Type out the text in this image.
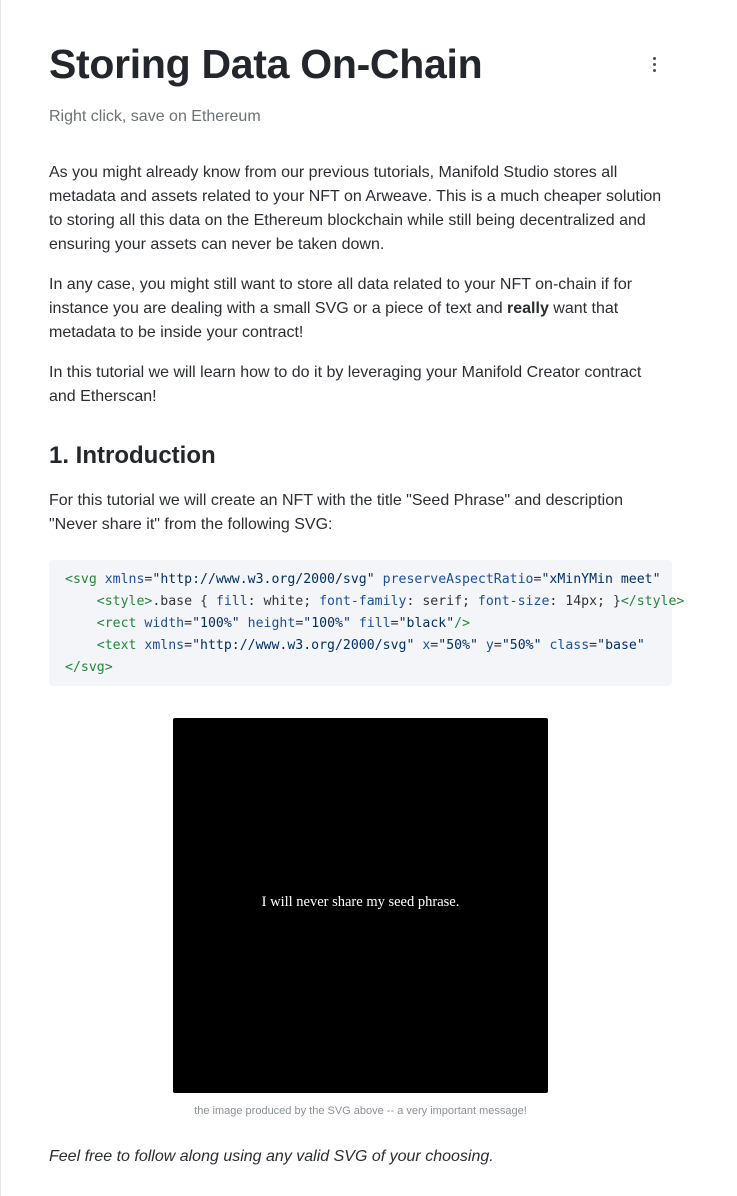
Storing Data On-Chain
Right click, save on Ethereum

As you might already know from our previous tutorials, Manifold Studio stores all metadata and assets related to your NFT on Arweave. This is a much cheaper solution to storing all this data on the Ethereum blockchain while still being decentralized and ensuring your assets can never be taken down.

In any case, you might still want to store all data related to your NFT on-chain if for instance you are dealing with a small SVG or a piece of text and really want that metadata to be inside your contract!

In this tutorial we will learn how to do it by leveraging your Manifold Creator contract and Etherscan!

1. Introduction

For this tutorial we will create an NFT with the title "Seed Phrase" and description "Never share it" from the following SVG:

<svg xmlns="http://www.w3.org/2000/svg" preserveAspectRatio="xMinYMin meet"
<style>.base { fill: white; font-family: serif; font-size: 14px; }</style>
<rect width="100%" height="100%" fill="black"/>
<text xmlns="http://www.w3.org/2000/svg" x="50%" y="50%" class="base"
</svg>
I will never share my seed phrase.
the image produced by the SVG above -- a very important message!
Feel free to follow along using any valid SVG of your choosing.
